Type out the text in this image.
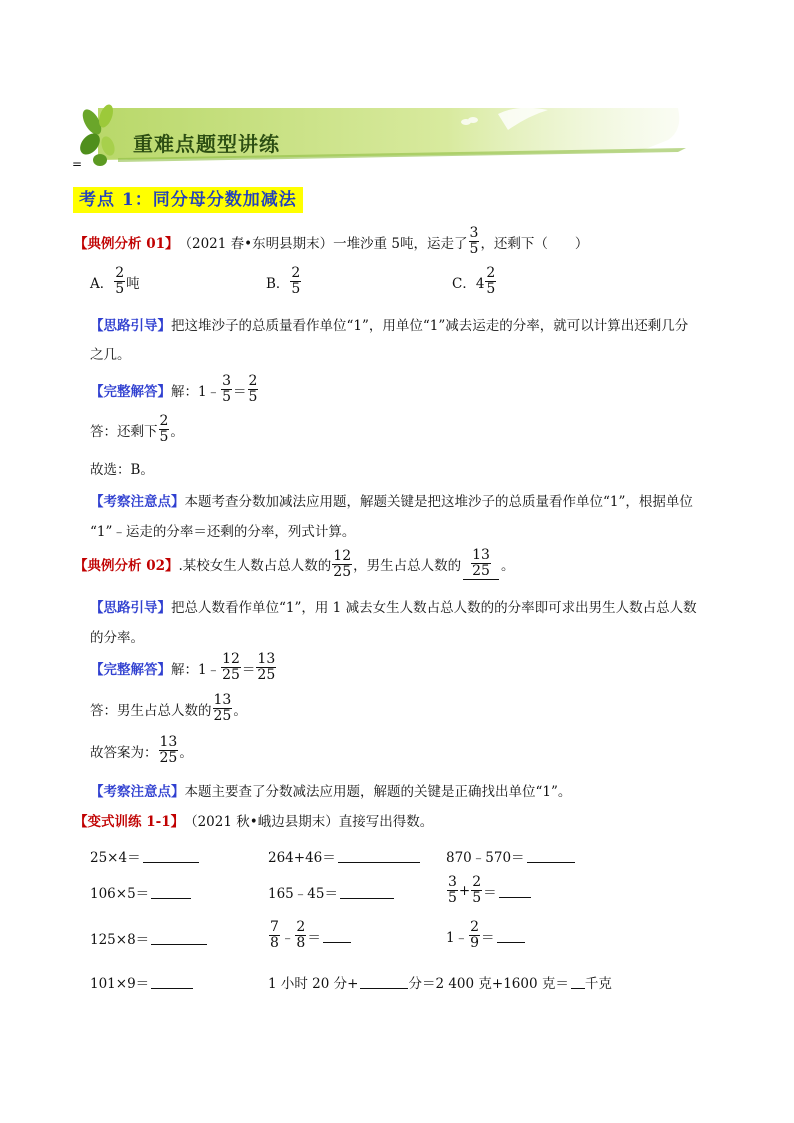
重难点题型讲练
=
考点 1：同分母分数加减法
【典例分析 01】 （2021 春•东明县期末） 一堆沙重 5吨，运走了 $\frac{3}{5}$ ，还剩下（　　）
A． $\frac{2}{5}$ 吨	B． $\frac{2}{5}$	C．$4 \frac{2}{5}$
【思路引导】 把这堆沙子的总质量看作单位“1”，用单位“1”减去运走的分率，就可以计算出还剩几分
之几。
【完整解答】 解：1﹣ $\frac{3}{5} = \frac{2}{5}$
答：还剩下 $\frac{2}{5}$ 。
故选：B。
【考察注意点】 本题考查分数加减法应用题，解题关键是把这堆沙子的总质量看作单位“1”，根据单位
“1”﹣运走的分率＝还剩的分率，列式计算。
【典例分析 02】 .某校女生人数占总人数的 $\frac{12}{25}$ ，男生占总人数的 $\frac{13}{25}$ 。
【思路引导】 把总人数看作单位“1”，用 1 减去女生人数占总人数的的分率即可求出男生人数占总人数
的分率。
【完整解答】 解：1﹣ $\frac{12}{25} = \frac{13}{25}$
答：男生占总人数的 $\frac{13}{25}$ 。
故答案为： $\frac{13}{25}$ 。
【考察注意点】 本题主要查了分数减法应用题，解题的关键是正确找出单位“1”。
【变式训练 1-1】 （2021 秋•峨边县期末） 直接写出得数。
25×4＝	264+46＝	870﹣570＝
106×5＝	165﹣45＝	$\frac{3}{5} + \frac{2}{5}$ ＝
125×8＝	$\frac{7}{8}$ ﹣ $\frac{2}{8}$ ＝	1﹣ $\frac{2}{9}$ ＝
101×9＝	1 小时 20 分+	分＝2 400 克+1600 克＝ 千克
